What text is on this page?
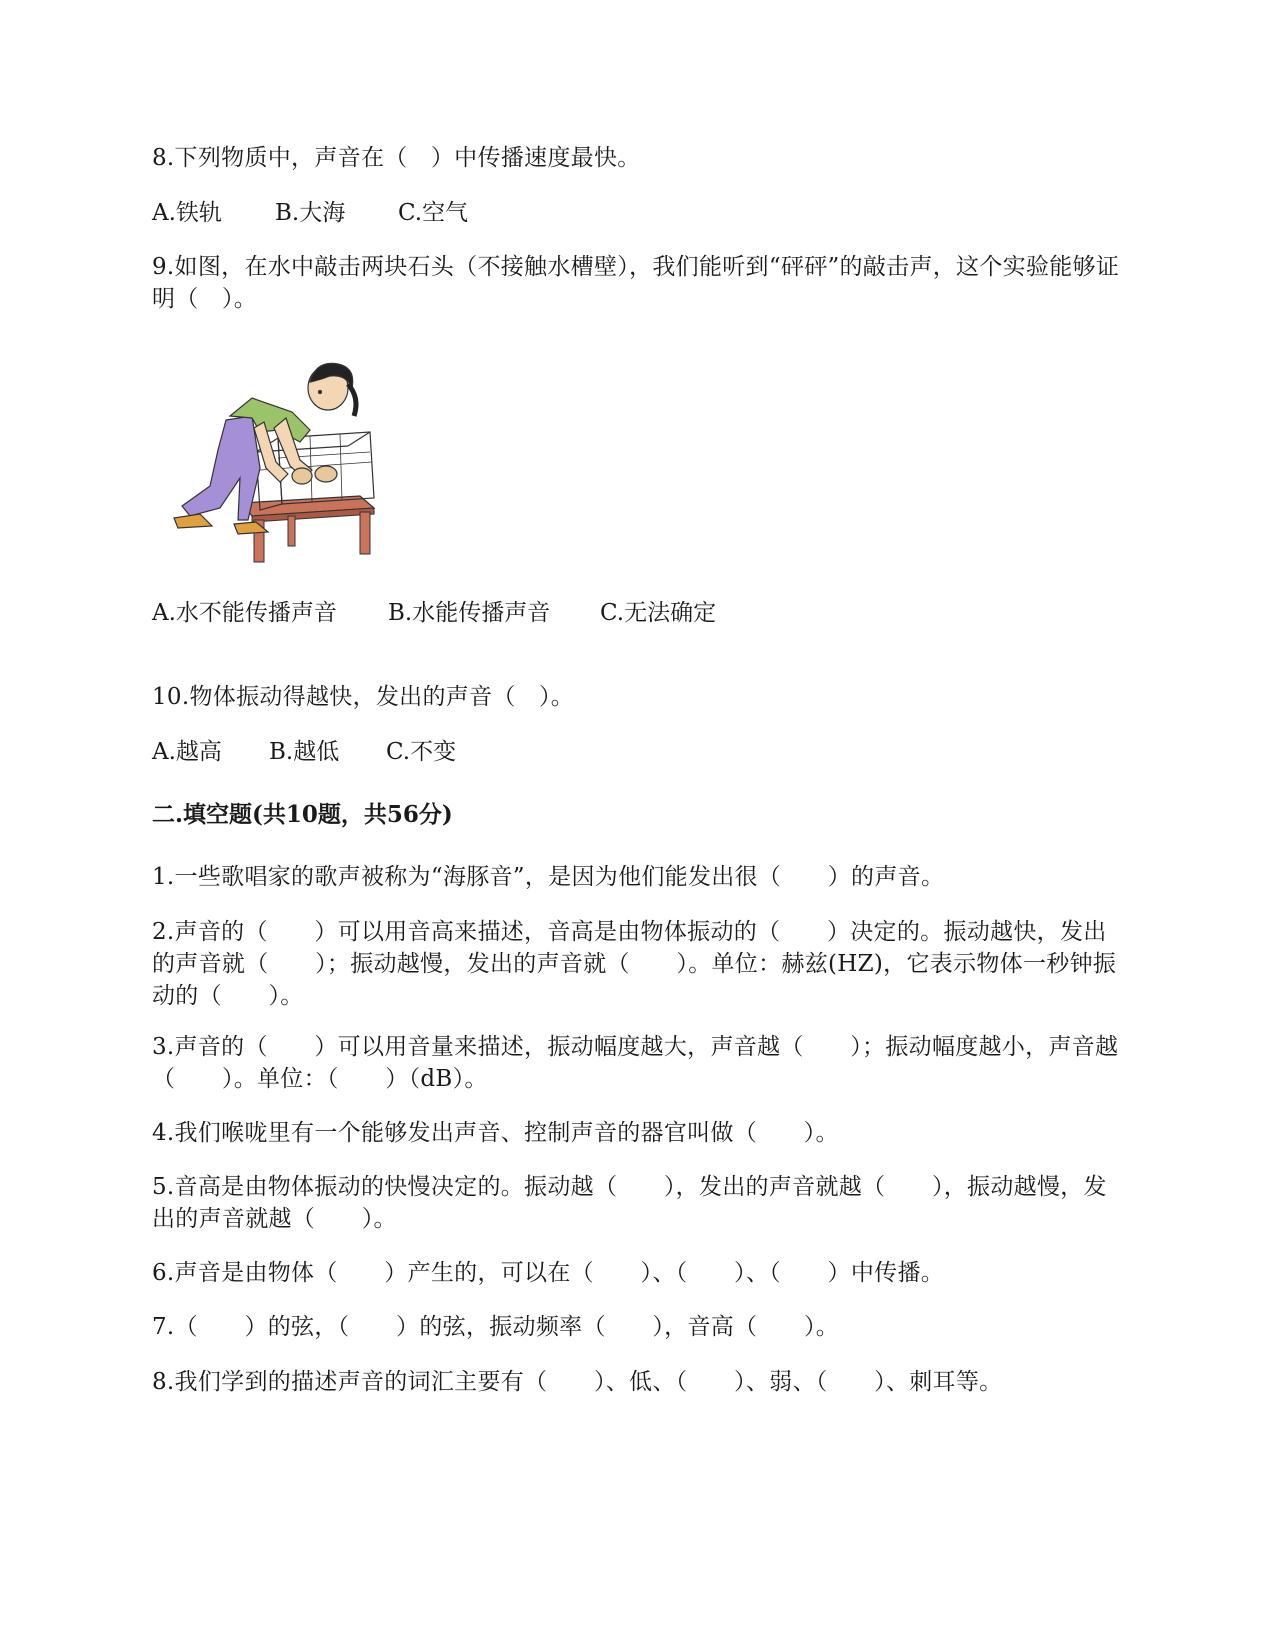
8.下列物质中，声音在（　）中传播速度最快。
A.铁轨 B.大海 C.空气
9.如图，在水中敲击两块石头（不接触水槽壁），我们能听到“砰砰”的敲击声，这个实验能够证明（　）。
A.水不能传播声音 B.水能传播声音 C.无法确定
10.物体振动得越快，发出的声音（　）。
A.越高 B.越低 C.不变
二.填空题(共10题，共56分)
1.一些歌唱家的歌声被称为“海豚音”，是因为他们能发出很（　　）的声音。
2.声音的（　　）可以用音高来描述，音高是由物体振动的（　　）决定的。振动越快，发出的声音就（　　）；振动越慢，发出的声音就（　　）。单位：赫兹(HZ)，它表示物体一秒钟振动的（　　）。
3.声音的（　　）可以用音量来描述，振动幅度越大，声音越（　　）；振动幅度越小，声音越（　　）。单位：（　　）（dB）。
4.我们喉咙里有一个能够发出声音、控制声音的器官叫做（　　）。
5.音高是由物体振动的快慢决定的。振动越（　　），发出的声音就越（　　），振动越慢，发出的声音就越（　　）。
6.声音是由物体（　　）产生的，可以在（　　）、（　　）、（　　）中传播。
7.（　　）的弦，（　　）的弦，振动频率（　　），音高（　　）。
8.我们学到的描述声音的词汇主要有（　　）、低、（　　）、弱、（　　）、刺耳等。
